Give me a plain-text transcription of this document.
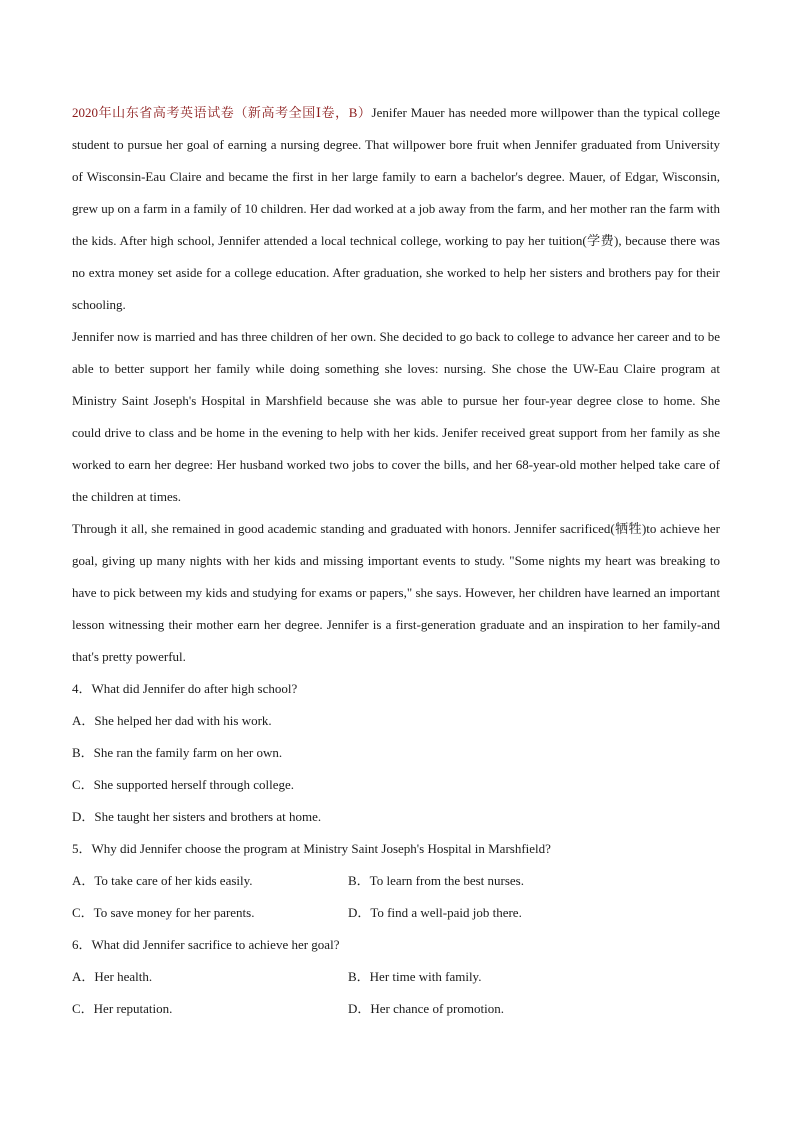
2020年山东省高考英语试卷（新高考全国Ⅰ卷，B）Jenifer Mauer has needed more willpower than the typical college student to pursue her goal of earning a nursing degree. That willpower bore fruit when Jennifer graduated from University of Wisconsin-Eau Claire and became the first in her large family to earn a bachelor's degree. Mauer, of Edgar, Wisconsin, grew up on a farm in a family of 10 children. Her dad worked at a job away from the farm, and her mother ran the farm with the kids. After high school, Jennifer attended a local technical college, working to pay her tuition(学费), because there was no extra money set aside for a college education. After graduation, she worked to help her sisters and brothers pay for their schooling.

Jennifer now is married and has three children of her own. She decided to go back to college to advance her career and to be able to better support her family while doing something she loves: nursing. She chose the UW-Eau Claire program at Ministry Saint Joseph's Hospital in Marshfield because she was able to pursue her four-year degree close to home. She could drive to class and be home in the evening to help with her kids. Jenifer received great support from her family as she worked to earn her degree: Her husband worked two jobs to cover the bills, and her 68-year-old mother helped take care of the children at times.

Through it all, she remained in good academic standing and graduated with honors. Jennifer sacrificed(牺牲)to achieve her goal, giving up many nights with her kids and missing important events to study. "Some nights my heart was breaking to have to pick between my kids and studying for exams or papers," she says. However, her children have learned an important lesson witnessing their mother earn her degree. Jennifer is a first-generation graduate and an inspiration to her family-and that's pretty powerful.

4．What did Jennifer do after high school?

A．She helped her dad with his work.

B．She ran the family farm on her own.

C．She supported herself through college.

D．She taught her sisters and brothers at home.

5．Why did Jennifer choose the program at Ministry Saint Joseph's Hospital in Marshfield?

A．To take care of her kids easily.	B．To learn from the best nurses.

C．To save money for her parents.	D．To find a well-paid job there.

6．What did Jennifer sacrifice to achieve her goal?

A．Her health.	B．Her time with family.

C．Her reputation.	D．Her chance of promotion.
